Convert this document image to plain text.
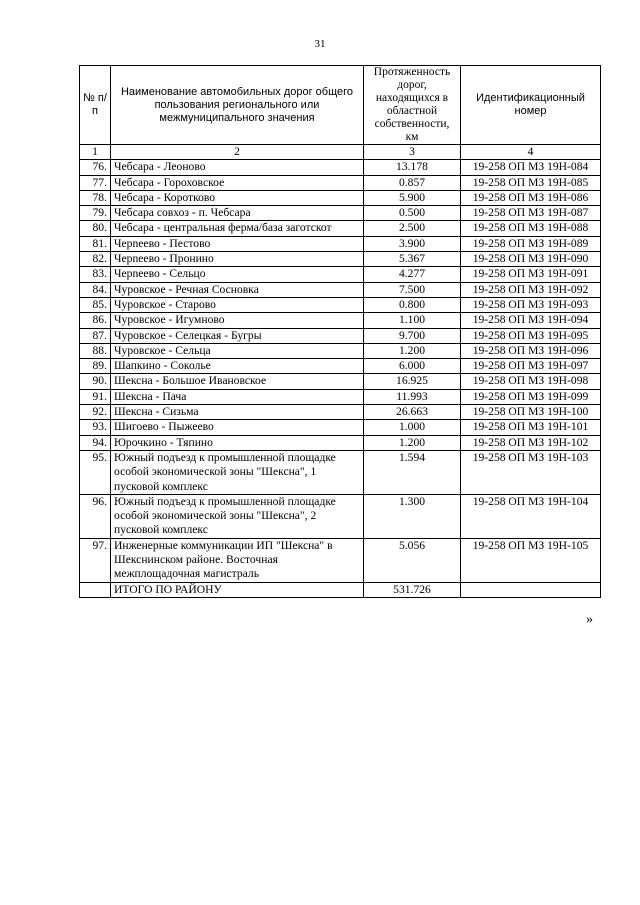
31
№ п/п	Наименование автомобильных дорог общего пользования регионального или межмуниципального значения	Протяженность дорог, находящихся в областной собственности, км	Идентификационный номер
1	2	3	4
76.	Чебсара - Леоново	13.178	19-258 ОП МЗ 19Н-084
77.	Чебсара - Гороховское	0.857	19-258 ОП МЗ 19Н-085
78.	Чебсара - Коротково	5.900	19-258 ОП МЗ 19Н-086
79.	Чебсара совхоз - п. Чебсара	0.500	19-258 ОП МЗ 19Н-087
80.	Чебсара - центральная ферма/база заготскот	2.500	19-258 ОП МЗ 19Н-088
81.	Черneево - Пестово	3.900	19-258 ОП МЗ 19Н-089
82.	Черneево - Пронино	5.367	19-258 ОП МЗ 19Н-090
83.	Черneево - Сельцо	4.277	19-258 ОП МЗ 19Н-091
84.	Чуровское - Речная Сосновка	7.500	19-258 ОП МЗ 19Н-092
85.	Чуровское - Старово	0.800	19-258 ОП МЗ 19Н-093
86.	Чуровское - Игумново	1.100	19-258 ОП МЗ 19Н-094
87.	Чуровское - Селецкая - Бугры	9.700	19-258 ОП МЗ 19Н-095
88.	Чуровское - Сельца	1.200	19-258 ОП МЗ 19Н-096
89.	Шапкино - Сокольe	6.000	19-258 ОП МЗ 19Н-097
90.	Шексна - Большое Ивановское	16.925	19-258 ОП МЗ 19Н-098
91.	Шексна - Пача	11.993	19-258 ОП МЗ 19Н-099
92.	Шексна - Сизьма	26.663	19-258 ОП МЗ 19Н-100
93.	Шигоево - Пыжеево	1.000	19-258 ОП МЗ 19Н-101
94.	Юрочкино - Тяпино	1.200	19-258 ОП МЗ 19Н-102
95.	Южный подъезд к промышленной площадке особой экономической зоны "Шексна", 1 пусковой комплекс	1.594	19-258 ОП МЗ 19Н-103
96.	Южный подъезд к промышленной площадке особой экономической зоны "Шексна", 2 пусковой комплекс	1.300	19-258 ОП МЗ 19Н-104
97.	Инженерные коммуникации ИП "Шексна" в Шекснинском районе. Восточная межплощадочная магистраль	5.056	19-258 ОП МЗ 19Н-105
	ИТОГО ПО РАЙОНУ	531.726	
»
